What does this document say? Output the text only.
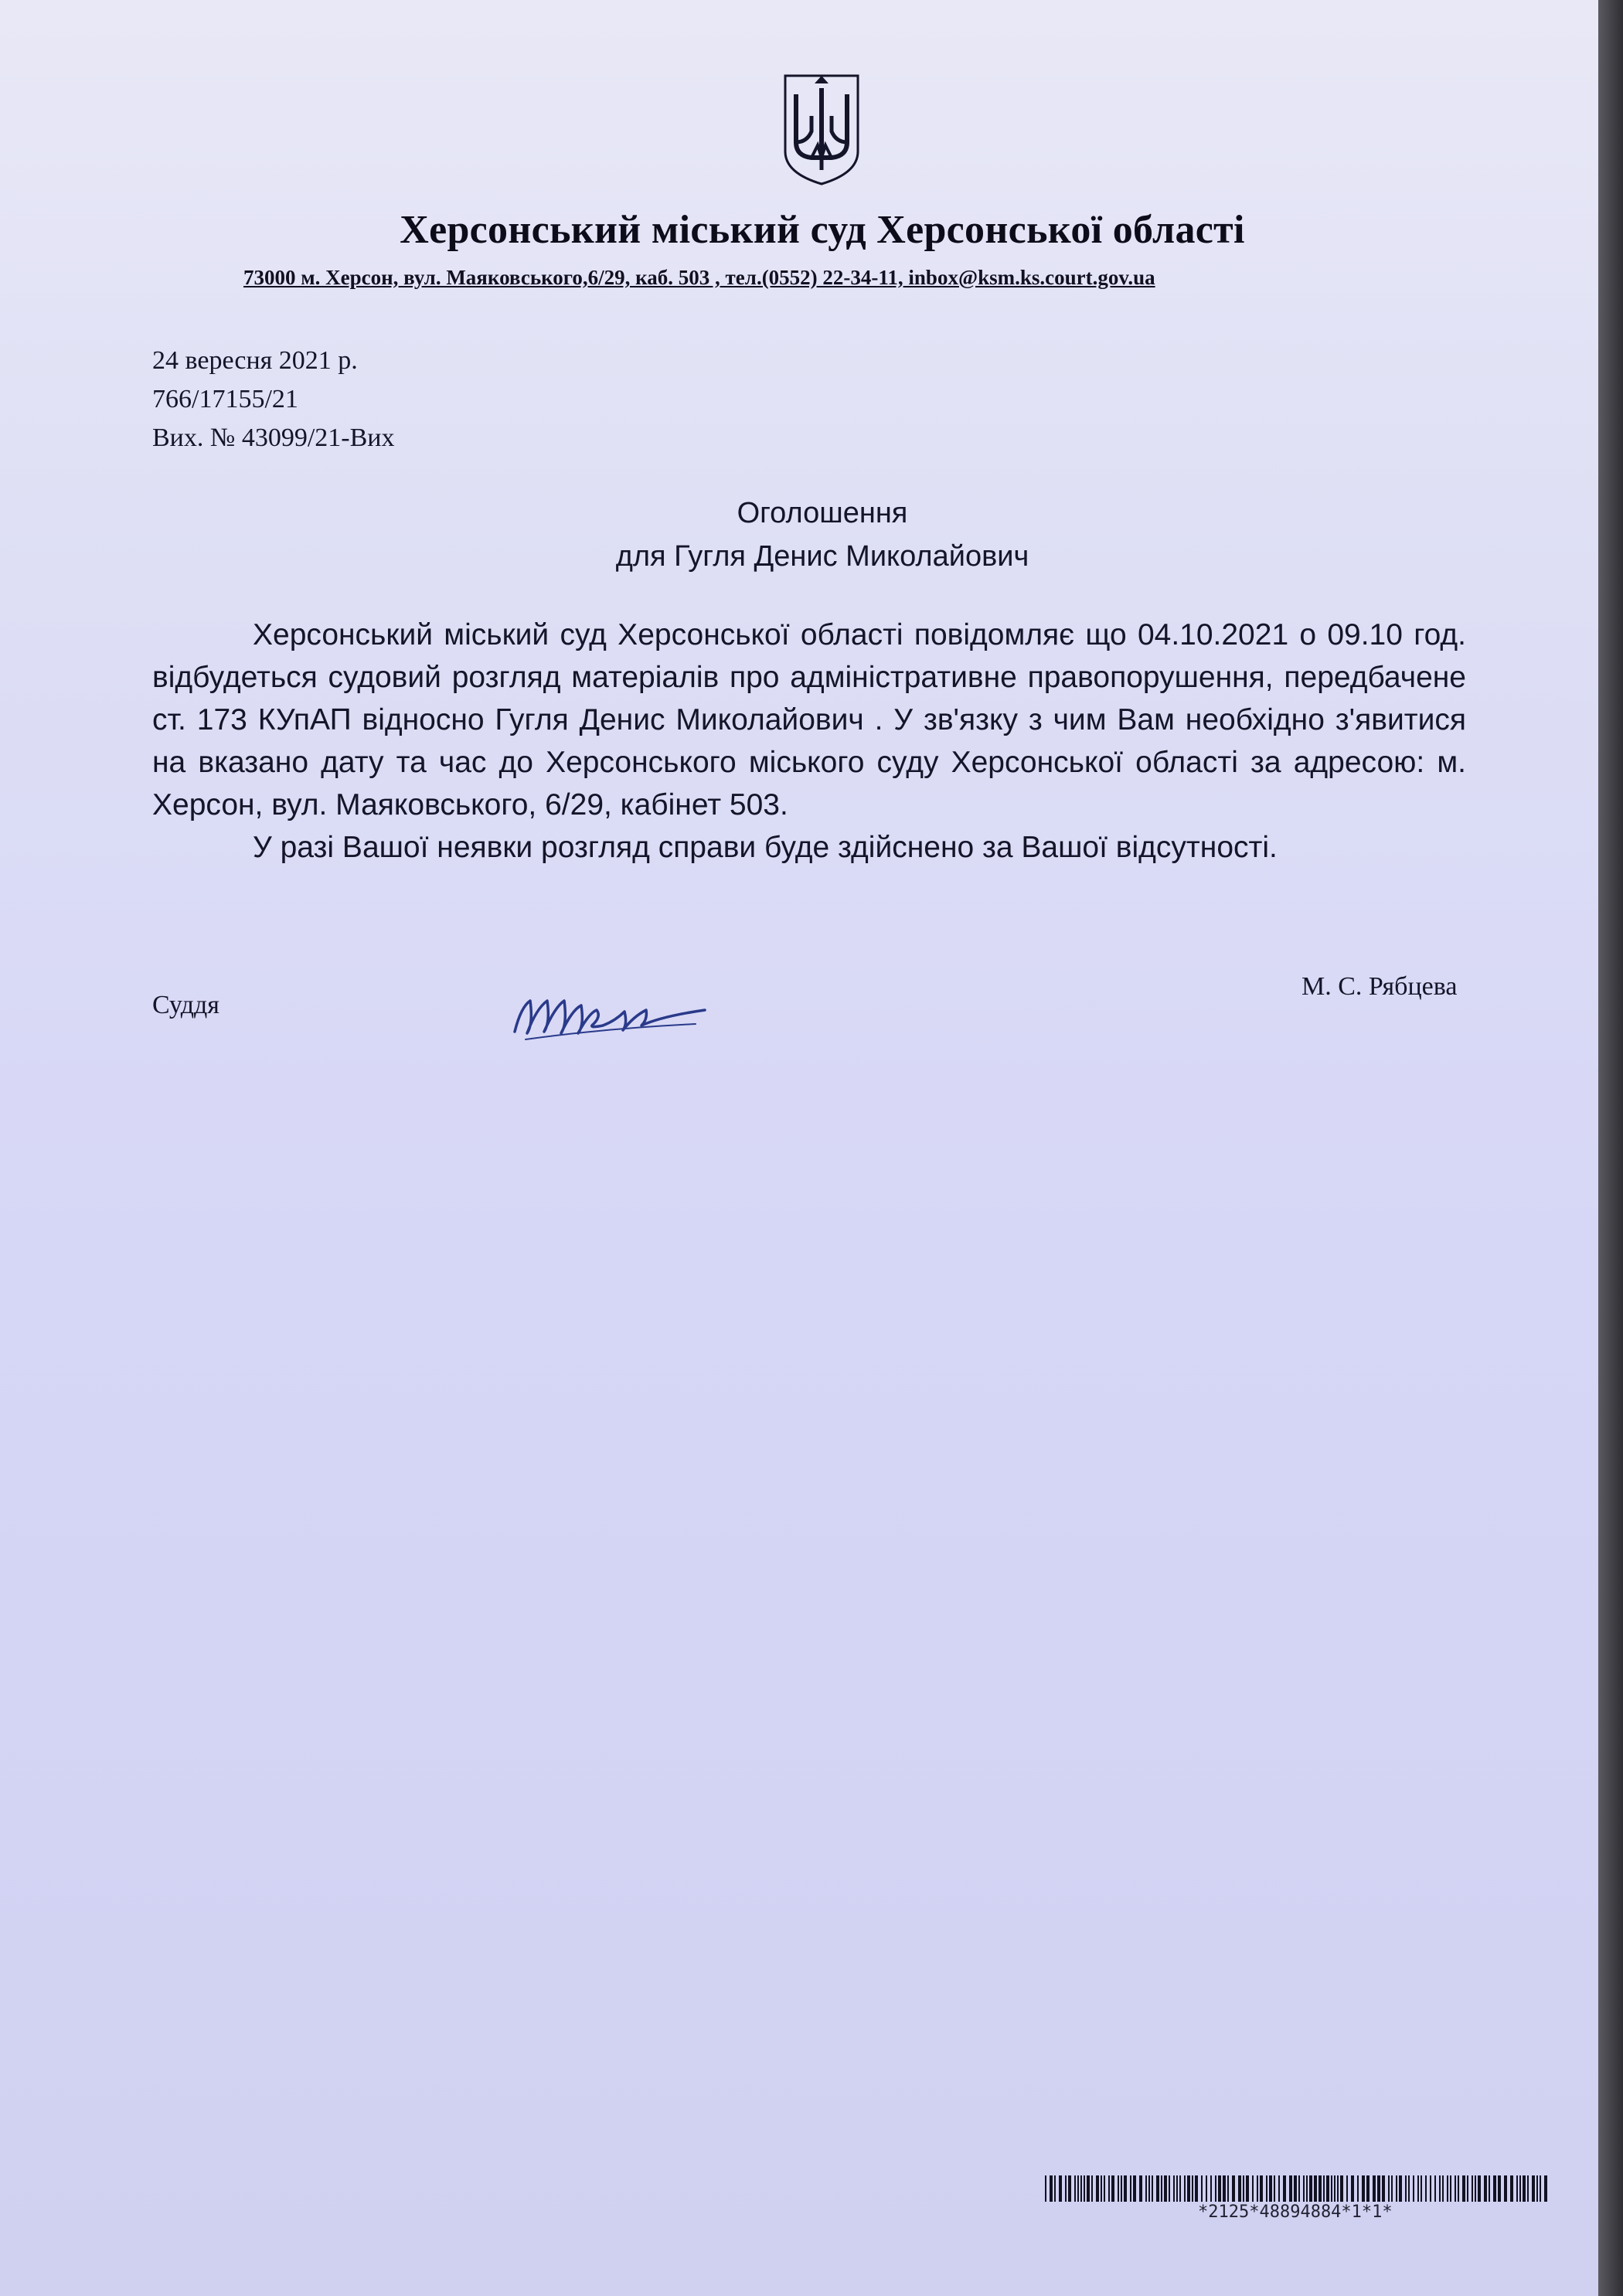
Херсонський міський суд Херсонської області
73000 м. Херсон, вул. Маяковського,6/29, каб. 503 , тел.(0552) 22-34-11, inbox@ksm.ks.court.gov.ua
24 вересня 2021 р.
766/17155/21
Вих. № 43099/21-Вих
Оголошення
для Гугля Денис Миколайович

Херсонський міський суд Херсонської області повідомляє що 04.10.2021 о 09.10 год. відбудеться судовий розгляд матеріалів про адміністративне правопорушення, передбачене ст. 173 КУпАП відносно Гугля Денис Миколайович . У зв'язку з чим Вам необхідно з'явитися на вказано дату та час до Херсонського міського суду Херсонської області за адресою: м. Херсон, вул. Маяковського, 6/29, кабінет 503.

У разі Вашої неявки розгляд справи буде здійснено за Вашої відсутності.

Суддя
М. С. Рябцева
*2125*48894884*1*1*
